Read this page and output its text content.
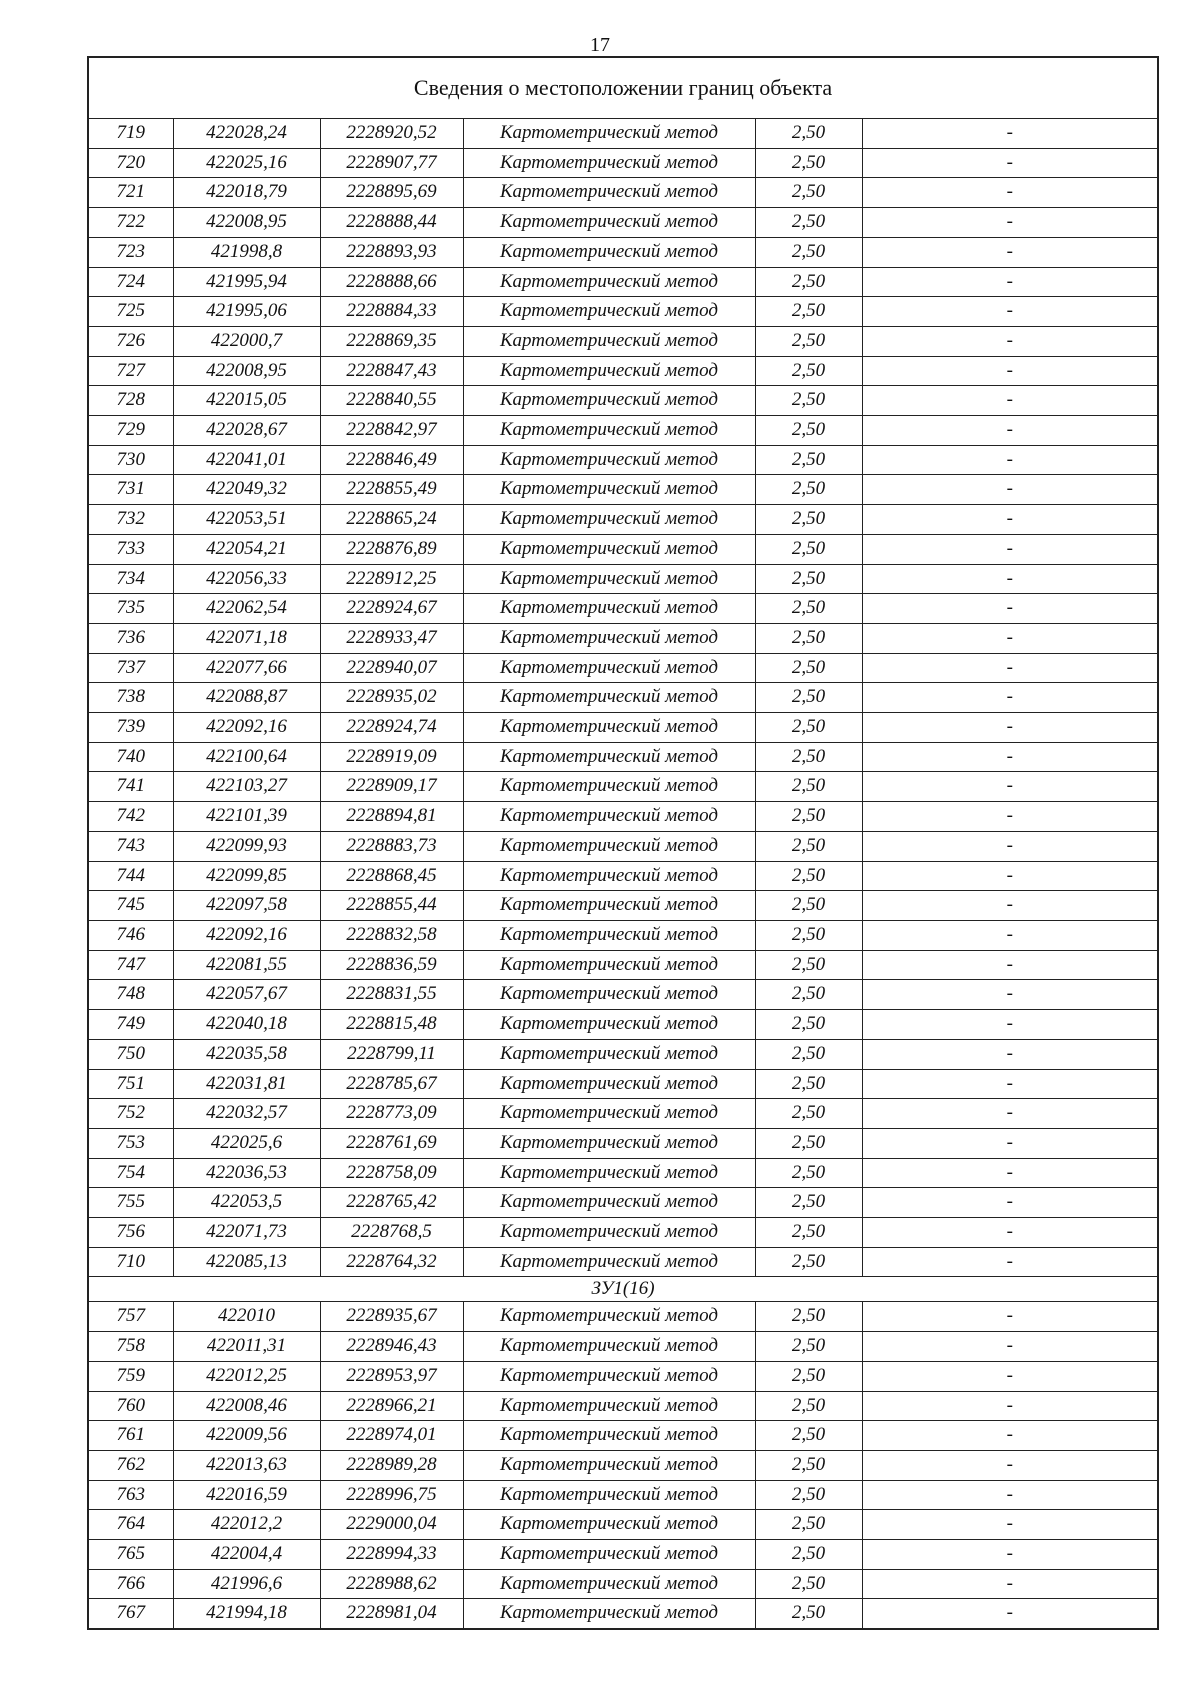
17
Сведения о местоположении границ объекта					
719	422028,24	2228920,52	Картометрический метод	2,50	-
720	422025,16	2228907,77	Картометрический метод	2,50	-
721	422018,79	2228895,69	Картометрический метод	2,50	-
722	422008,95	2228888,44	Картометрический метод	2,50	-
723	421998,8	2228893,93	Картометрический метод	2,50	-
724	421995,94	2228888,66	Картометрический метод	2,50	-
725	421995,06	2228884,33	Картометрический метод	2,50	-
726	422000,7	2228869,35	Картометрический метод	2,50	-
727	422008,95	2228847,43	Картометрический метод	2,50	-
728	422015,05	2228840,55	Картометрический метод	2,50	-
729	422028,67	2228842,97	Картометрический метод	2,50	-
730	422041,01	2228846,49	Картометрический метод	2,50	-
731	422049,32	2228855,49	Картометрический метод	2,50	-
732	422053,51	2228865,24	Картометрический метод	2,50	-
733	422054,21	2228876,89	Картометрический метод	2,50	-
734	422056,33	2228912,25	Картометрический метод	2,50	-
735	422062,54	2228924,67	Картометрический метод	2,50	-
736	422071,18	2228933,47	Картометрический метод	2,50	-
737	422077,66	2228940,07	Картометрический метод	2,50	-
738	422088,87	2228935,02	Картометрический метод	2,50	-
739	422092,16	2228924,74	Картометрический метод	2,50	-
740	422100,64	2228919,09	Картометрический метод	2,50	-
741	422103,27	2228909,17	Картометрический метод	2,50	-
742	422101,39	2228894,81	Картометрический метод	2,50	-
743	422099,93	2228883,73	Картометрический метод	2,50	-
744	422099,85	2228868,45	Картометрический метод	2,50	-
745	422097,58	2228855,44	Картометрический метод	2,50	-
746	422092,16	2228832,58	Картометрический метод	2,50	-
747	422081,55	2228836,59	Картометрический метод	2,50	-
748	422057,67	2228831,55	Картометрический метод	2,50	-
749	422040,18	2228815,48	Картометрический метод	2,50	-
750	422035,58	2228799,11	Картометрический метод	2,50	-
751	422031,81	2228785,67	Картометрический метод	2,50	-
752	422032,57	2228773,09	Картометрический метод	2,50	-
753	422025,6	2228761,69	Картометрический метод	2,50	-
754	422036,53	2228758,09	Картометрический метод	2,50	-
755	422053,5	2228765,42	Картометрический метод	2,50	-
756	422071,73	2228768,5	Картометрический метод	2,50	-
710	422085,13	2228764,32	Картометрический метод	2,50	-
ЗУ1(16)					
757	422010	2228935,67	Картометрический метод	2,50	-
758	422011,31	2228946,43	Картометрический метод	2,50	-
759	422012,25	2228953,97	Картометрический метод	2,50	-
760	422008,46	2228966,21	Картометрический метод	2,50	-
761	422009,56	2228974,01	Картометрический метод	2,50	-
762	422013,63	2228989,28	Картометрический метод	2,50	-
763	422016,59	2228996,75	Картометрический метод	2,50	-
764	422012,2	2229000,04	Картометрический метод	2,50	-
765	422004,4	2228994,33	Картометрический метод	2,50	-
766	421996,6	2228988,62	Картометрический метод	2,50	-
767	421994,18	2228981,04	Картометрический метод	2,50	-
